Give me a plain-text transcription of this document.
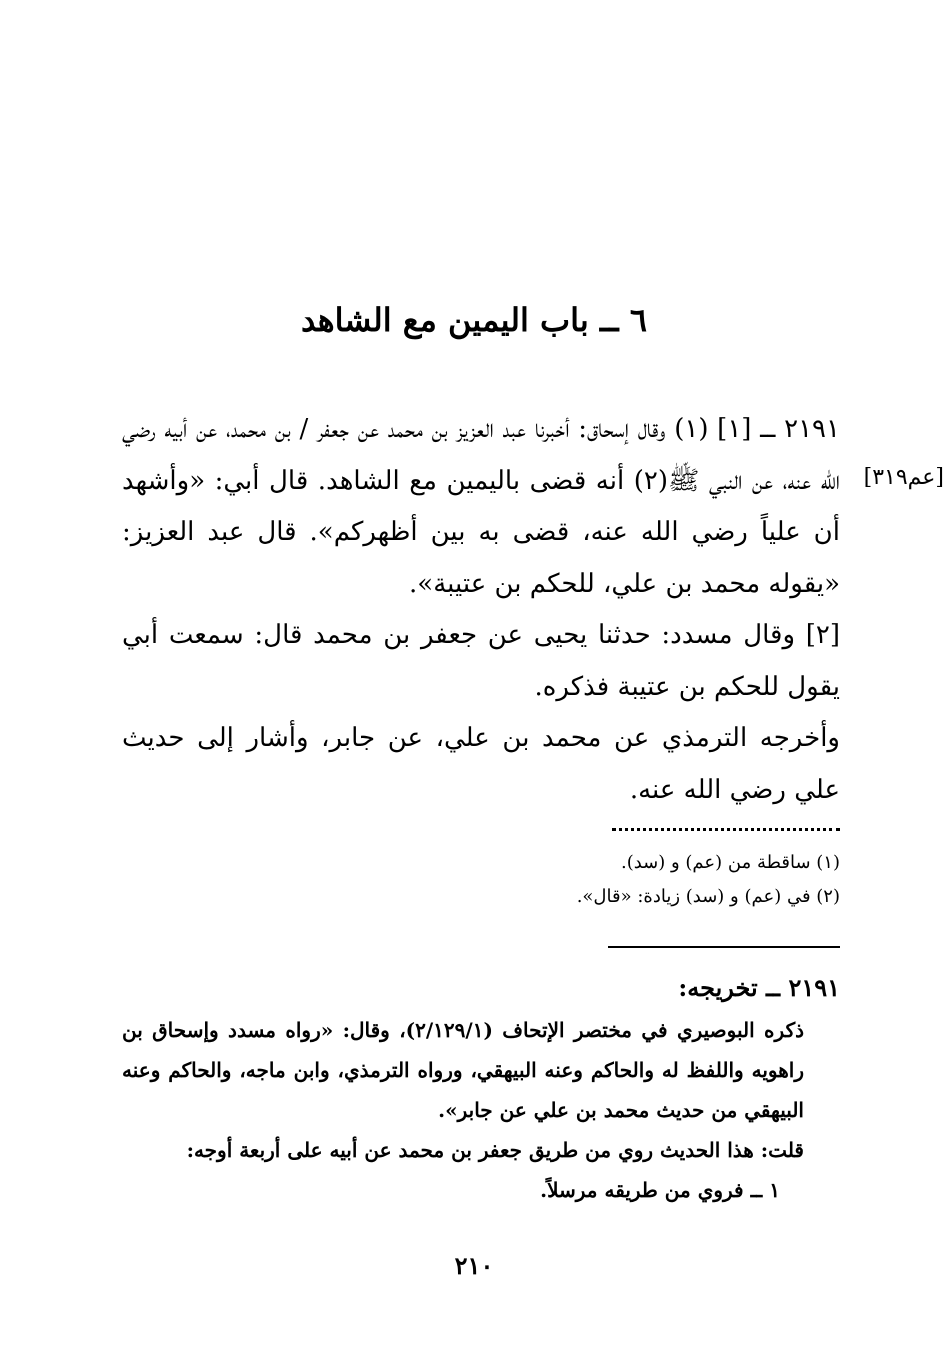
٦ ــ باب اليمين مع الشاهد
[عم٣١٩]

٢١٩١ ــ [١] (١) وقال إسحاق: أخبرنا عبد العزيز بن محمد عن جعفر / بن محمد، عن أبيه رضي الله عنه، عن النبي ﷺ(٢) أنه قضى باليمين مع الشاهد. قال أبي: «وأشهد أن علياً رضي الله عنه، قضى به بين أظهركم». قال عبد العزيز: «يقوله محمد بن علي، للحكم بن عتيبة».

[٢] وقال مسدد: حدثنا يحيى عن جعفر بن محمد قال: سمعت أبي يقول للحكم بن عتيبة فذكره.

وأخرجه الترمذي عن محمد بن علي، عن جابر، وأشار إلى حديث علي رضي الله عنه.

(١) ساقطة من (عم) و (سد).

(٢) في (عم) و (سد) زيادة: «قال».

٢١٩١ ــ تخريجه:

ذكره البوصيري في مختصر الإتحاف (٢/١٢٩/١)، وقال: «رواه مسدد وإسحاق بن راهويه واللفظ له والحاكم وعنه البيهقي، ورواه الترمذي، وابن ماجه، والحاكم وعنه البيهقي من حديث محمد بن علي عن جابر».

قلت: هذا الحديث روي من طريق جعفر بن محمد عن أبيه على أربعة أوجه:

١ ــ فروي من طريقه مرسلاً.

٢١٠
